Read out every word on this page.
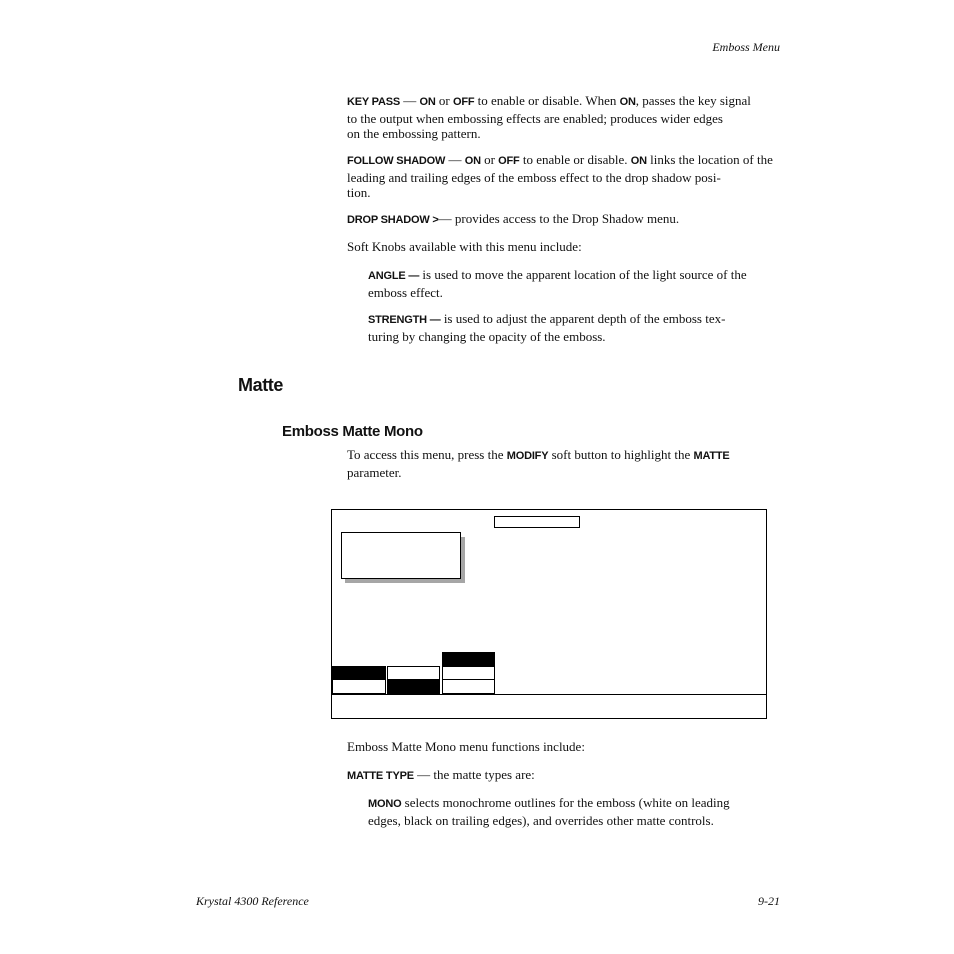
Emboss Menu
Krystal 4300 Reference	9-21
KEY PASS — ON or OFF to enable or disable. When ON, passes the key signal
to the output when embossing effects are enabled; produces wider edges
on the embossing pattern.
FOLLOW SHADOW — ON or OFF to enable or disable. ON links the location of the
leading and trailing edges of the emboss effect to the drop shadow posi-
tion.
DROP SHADOW >— provides access to the Drop Shadow menu.
Soft Knobs available with this menu include:
ANGLE — is used to move the apparent location of the light source of the
emboss effect.
STRENGTH — is used to adjust the apparent depth of the emboss tex-
turing by changing the opacity of the emboss.
Matte
Emboss Matte Mono
To access this menu, press the MODIFY soft button to highlight the MATTE
parameter.
Emboss Matte Mono menu functions include:
MATTE TYPE — the matte types are:
MONO selects monochrome outlines for the emboss (white on leading
edges, black on trailing edges), and overrides other matte controls.
